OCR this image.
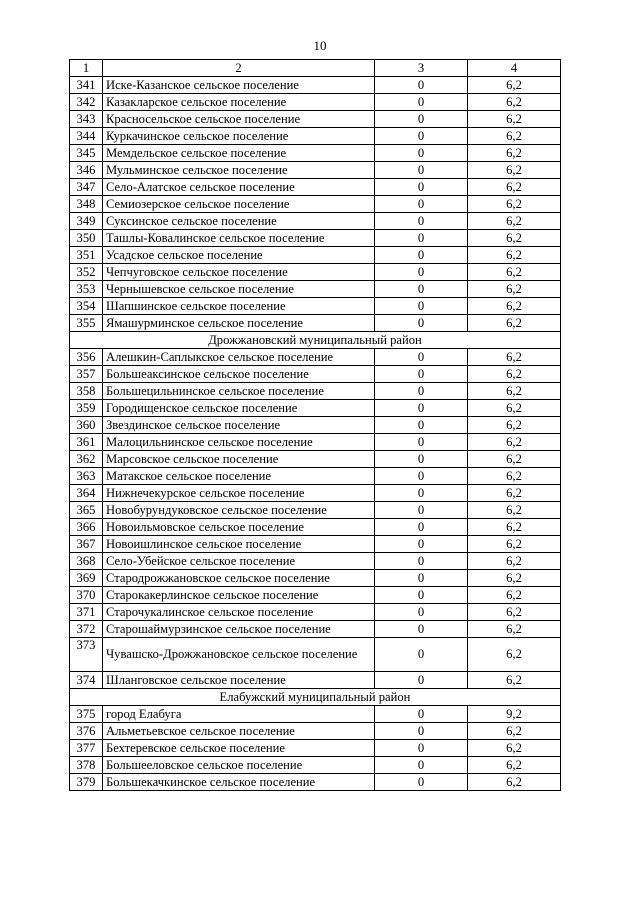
10
1	2	3	4
341	Иске-Казанское сельское поселение	0	6,2
342	Казакларское сельское поселение	0	6,2
343	Красносельское сельское поселение	0	6,2
344	Куркачинское сельское поселение	0	6,2
345	Мемдельское сельское поселение	0	6,2
346	Мульминское сельское поселение	0	6,2
347	Село-Алатское сельское поселение	0	6,2
348	Семиозерское сельское поселение	0	6,2
349	Суксинское сельское поселение	0	6,2
350	Ташлы-Ковалинское сельское поселение	0	6,2
351	Усадское сельское поселение	0	6,2
352	Чепчуговское сельское поселение	0	6,2
353	Чернышевское сельское поселение	0	6,2
354	Шапшинское сельское поселение	0	6,2
355	Ямашурминское сельское поселение	0	6,2
Дрожжановский муниципальный район			
356	Алешкин-Саплыкское сельское поселение	0	6,2
357	Большеаксинское сельское поселение	0	6,2
358	Большецильнинское сельское поселение	0	6,2
359	Городищенское сельское поселение	0	6,2
360	Звездинское сельское поселение	0	6,2
361	Малоцильнинское сельское поселение	0	6,2
362	Марсовское сельское поселение	0	6,2
363	Матакское сельское поселение	0	6,2
364	Нижнечекурское сельское поселение	0	6,2
365	Новобурундуковское сельское поселение	0	6,2
366	Новоильмовское сельское поселение	0	6,2
367	Новоишлинское сельское поселение	0	6,2
368	Село-Убейское сельское поселение	0	6,2
369	Стародрожжановское сельское поселение	0	6,2
370	Старокакерлинское сельское поселение	0	6,2
371	Старочукалинское сельское поселение	0	6,2
372	Старошаймурзинское сельское поселение	0	6,2
373	Чувашско-Дрожжановское сельское поселение	0	6,2
374	Шланговское сельское поселение	0	6,2
Елабужский муниципальный район			
375	город Елабуга	0	9,2
376	Альметьевское сельское поселение	0	6,2
377	Бехтеревское сельское поселение	0	6,2
378	Большееловское сельское поселение	0	6,2
379	Большекачкинское сельское поселение	0	6,2
